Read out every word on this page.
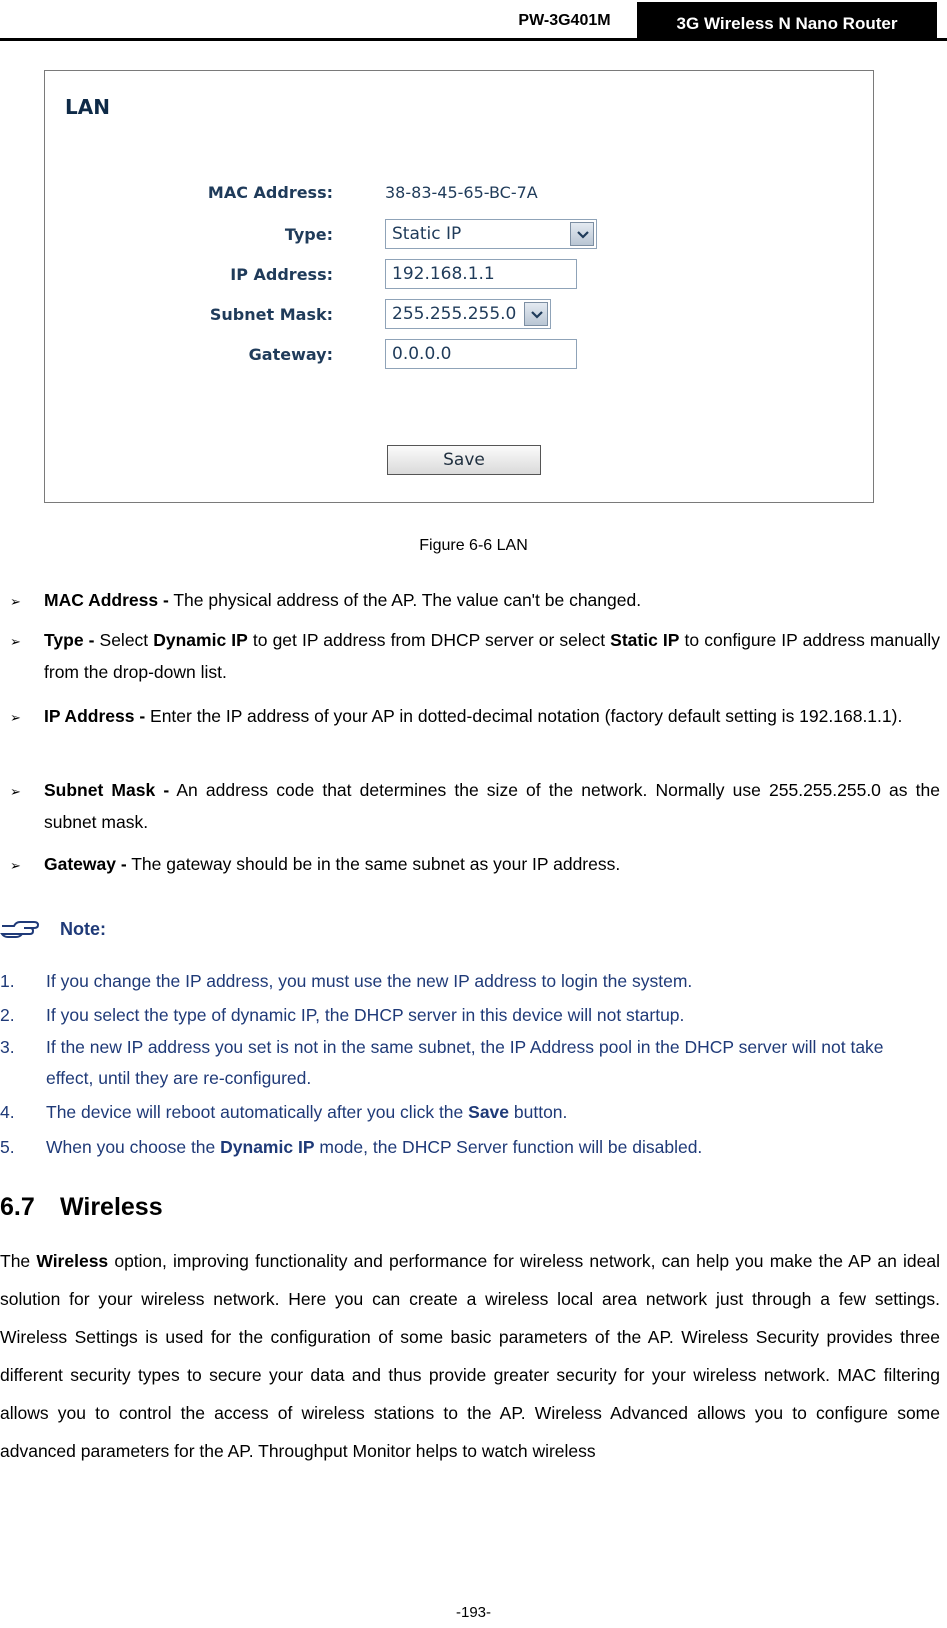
PW-3G401M	3G Wireless N Nano Router
LAN
MAC Address:	38-83-45-65-BC-7A
Type:	Static IP
IP Address:	192.168.1.1
Subnet Mask:	255.255.255.0
Gateway:	0.0.0.0
Save
Figure 6-6 LAN
➢ MAC Address - The physical address of the AP. The value can't be changed.
➢ Type - Select Dynamic IP to get IP address from DHCP server or select Static IP to configure IP address manually from the drop-down list.
➢ IP Address - Enter the IP address of your AP in dotted-decimal notation (factory default setting is 192.168.1.1).
➢ Subnet Mask - An address code that determines the size of the network. Normally use 255.255.255.0 as the subnet mask.
➢ Gateway - The gateway should be in the same subnet as your IP address.
Note:
1. If you change the IP address, you must use the new IP address to login the system.
2. If you select the type of dynamic IP, the DHCP server in this device will not startup.
3. If the new IP address you set is not in the same subnet, the IP Address pool in the DHCP server will not take effect, until they are re-configured.
4. The device will reboot automatically after you click the Save button.
5. When you choose the Dynamic IP mode, the DHCP Server function will be disabled.
6.7 Wireless
The Wireless option, improving functionality and performance for wireless network, can help you make the AP an ideal solution for your wireless network. Here you can create a wireless local area network just through a few settings. Wireless Settings is used for the configuration of some basic parameters of the AP. Wireless Security provides three different security types to secure your data and thus provide greater security for your wireless network. MAC filtering allows you to control the access of wireless stations to the AP. Wireless Advanced allows you to configure some advanced parameters for the AP. Throughput Monitor helps to watch wireless
-193-
